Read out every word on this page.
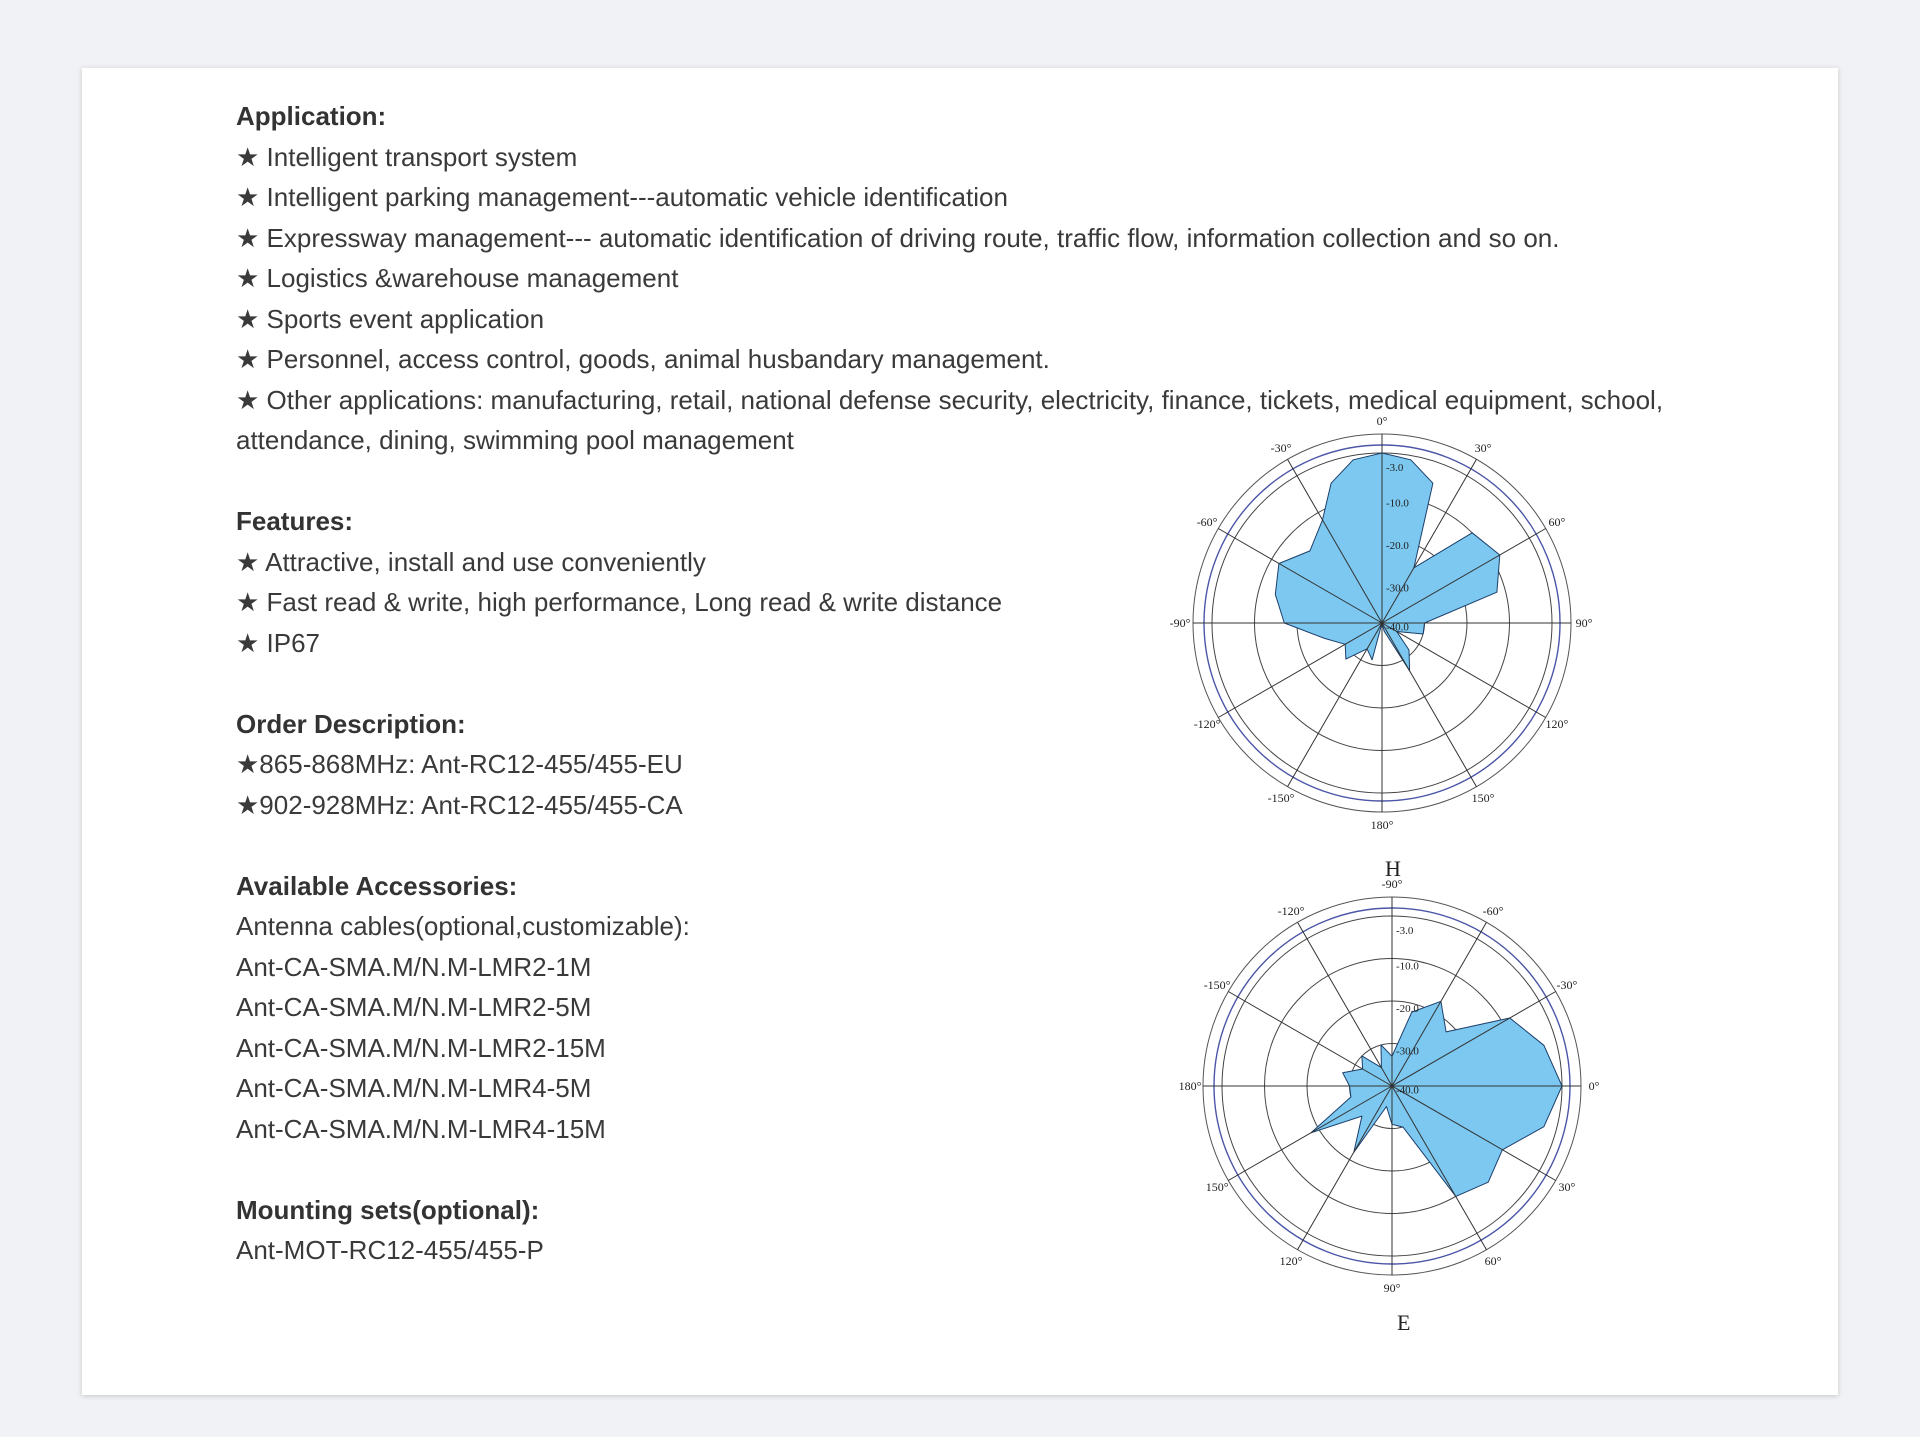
Application:
★ Intelligent transport system
★ Intelligent parking management---automatic vehicle identification
★ Expressway management--- automatic identification of driving route, traffic flow, information collection and so on.
★ Logistics &warehouse management
★ Sports event application
★ Personnel, access control, goods, animal husbandary management.
★ Other applications: manufacturing, retail, national defense security, electricity, finance, tickets, medical equipment, school, attendance, dining, swimming pool management
Features:
★ Attractive, install and use conveniently
★ Fast read & write, high performance, Long read & write distance
★ IP67
Order Description:
★865-868MHz: Ant-RC12-455/455-EU
★902-928MHz: Ant-RC12-455/455-CA
Available Accessories:
Antenna cables(optional,customizable):
Ant-CA-SMA.M/N.M-LMR2-1M
Ant-CA-SMA.M/N.M-LMR2-5M
Ant-CA-SMA.M/N.M-LMR2-15M
Ant-CA-SMA.M/N.M-LMR4-5M
Ant-CA-SMA.M/N.M-LMR4-15M
Mounting sets(optional):
Ant-MOT-RC12-455/455-P
0°
30°
60°
90°
120°
150°
180°
-150°
-120°
-90°
-60°
-30°
-3.0
-10.0
-20.0
-30.0
-40.0
H
-90°
-60°
-30°
0°
30°
60°
90°
120°
150°
180°
-150°
-120°
-3.0
-10.0
-20.0
-30.0
-40.0
E
